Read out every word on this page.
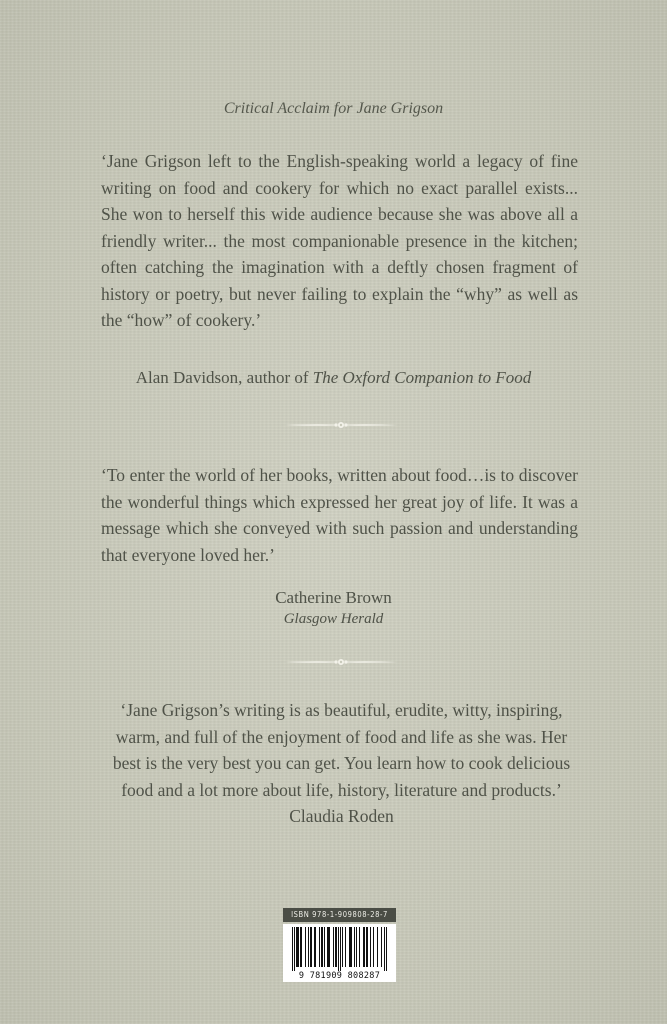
Critical Acclaim for Jane Grigson

‘Jane Grigson left to the English-speaking world a legacy of fine writing on food and cookery for which no exact parallel exists... She won to herself this wide audience because she was above all a friendly writer... the most companionable presence in the kitchen; often catching the imagination with a deftly chosen fragment of history or poetry, but never failing to explain the “why” as well as the “how” of cookery.’

Alan Davidson, author of The Oxford Companion to Food

‘To enter the world of her books, written about food…is to discover the wonderful things which expressed her great joy of life. It was a message which she conveyed with such passion and understanding that everyone loved her.’

Catherine Brown
Glasgow Herald

‘Jane Grigson’s writing is as beautiful, erudite, witty, inspiring, warm, and full of the enjoyment of food and life as she was. Her best is the very best you can get. You learn how to cook delicious food and a lot more about life, history, literature and products.’ Claudia Roden

ISBN 978-1-909808-28-7
9 781909 808287
